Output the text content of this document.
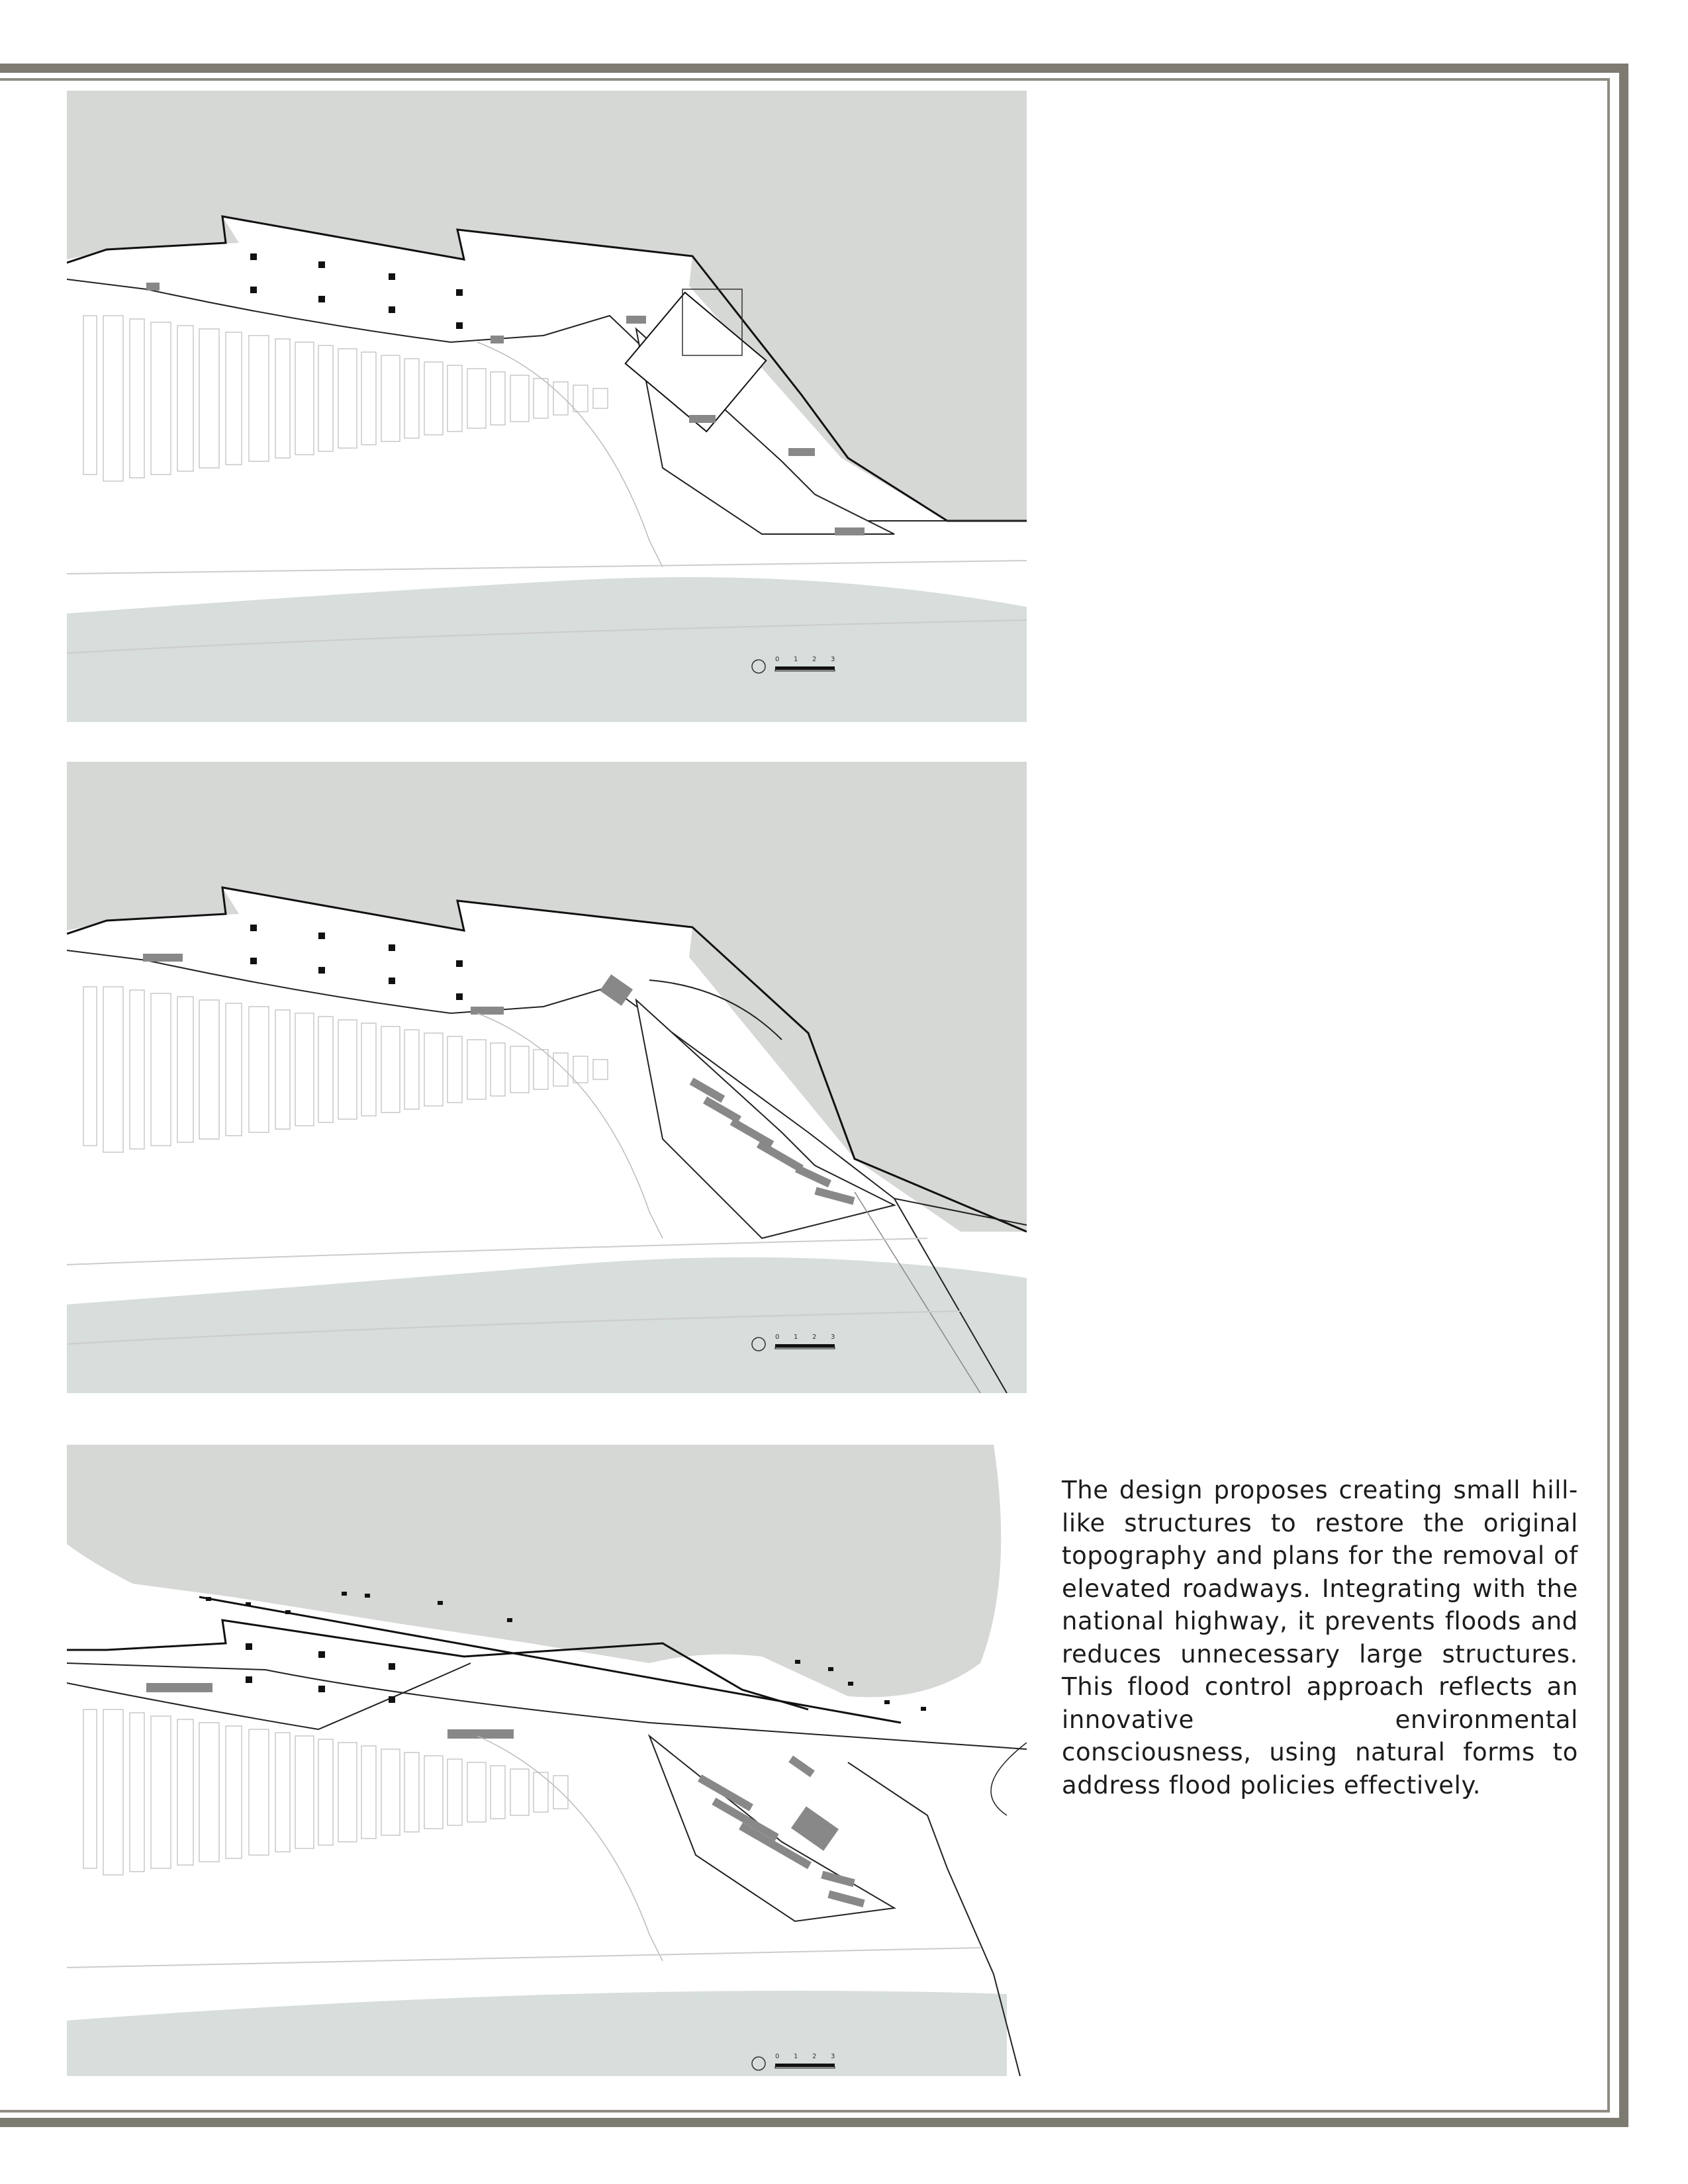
0 1 2 3
0 1 2 3
0 1 2 3

The design proposes creating small hill-like structures to restore the original topography and plans for the removal of elevated roadways. Integrating with the national highway, it prevents floods and reduces unnecessary large structures. This flood control approach reflects an innovative environmental consciousness, using natural forms to address flood policies effectively.
